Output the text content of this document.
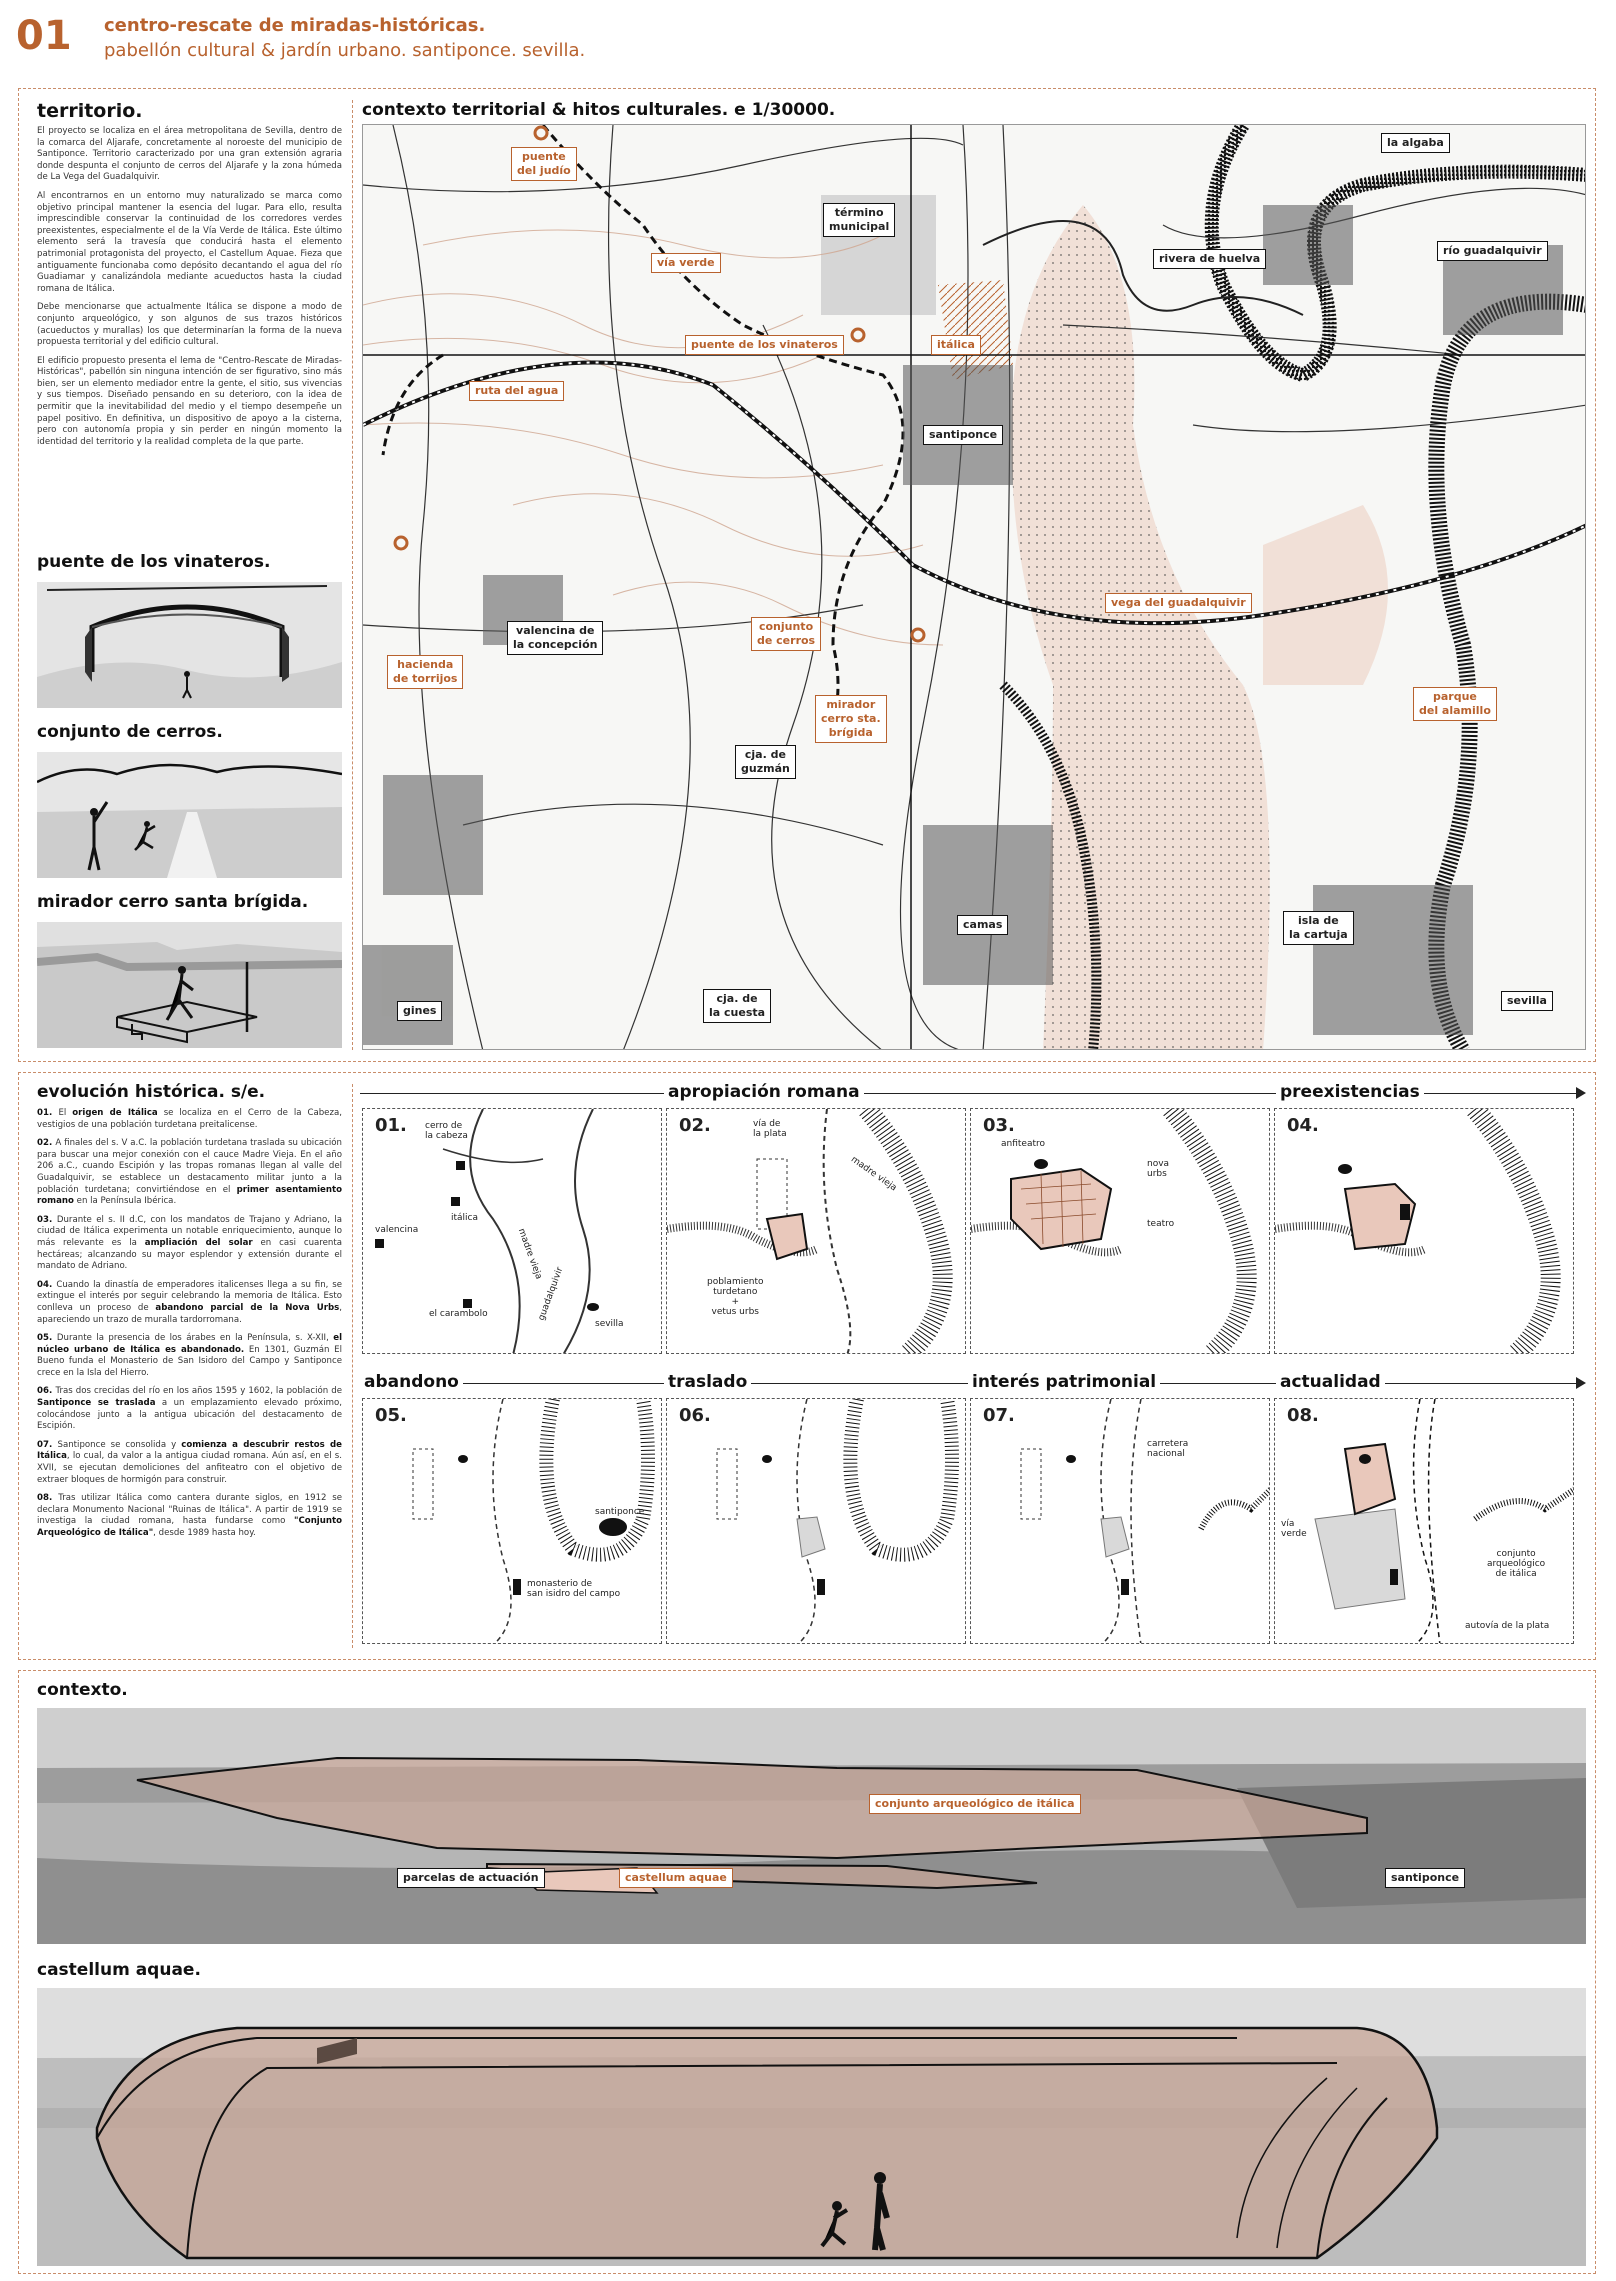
01 centro-rescate de miradas-históricas.
pabellón cultural & jardín urbano. santiponce. sevilla.
territorio.

El proyecto se localiza en el área metropolitana de Sevilla, dentro de la comarca del Aljarafe, concretamente al noroeste del municipio de Santiponce. Territorio caracterizado por una gran extensión agraria donde despunta el conjunto de cerros del Aljarafe y la zona húmeda de La Vega del Guadalquivir.

Al encontrarnos en un entorno muy naturalizado se marca como objetivo principal mantener la esencia del lugar. Para ello, resulta imprescindible conservar la continuidad de los corredores verdes preexistentes, especialmente el de la Vía Verde de Itálica. Este último elemento será la travesía que conducirá hasta el elemento patrimonial protagonista del proyecto, el Castellum Aquae. Fieza que antiguamente funcionaba como depósito decantando el agua del río Guadiamar y canalizándola mediante acueductos hasta la ciudad romana de Itálica.

Debe mencionarse que actualmente Itálica se dispone a modo de conjunto arqueológico, y son algunos de sus trazos históricos (acueductos y murallas) los que determinarían la forma de la nueva propuesta territorial y del edificio cultural.

El edificio propuesto presenta el lema de "Centro-Rescate de Miradas-Históricas", pabellón sin ninguna intención de ser figurativo, sino más bien, ser un elemento mediador entre la gente, el sitio, sus vivencias y sus tiempos. Diseñado pensando en su deterioro, con la idea de permitir que la inevitabilidad del medio y el tiempo desempeñe un papel positivo. En definitiva, un dispositivo de apoyo a la cisterna, pero con autonomía propia y sin perder en ningún momento la identidad del territorio y la realidad completa de la que parte.

puente de los vinateros.
conjunto de cerros.
mirador cerro santa brígida.
contexto territorial & hitos culturales. e 1/30000.
puente
del judío
término
municipal
la algaba
vía verde	rivera de huelva
río guadalquivir
puente de los vinateros	itálica
ruta del agua
santiponce
vega del guadalquivir
valencina de
la concepción
conjunto
de cerros
hacienda
de torrijos
mirador
cerro sta.
brígida
cja. de
guzmán
parque
del alamillo
camas	isla de
la cartuja
gines
cja. de
la cuesta
sevilla
evolución histórica. s/e.

01. El origen de Itálica se localiza en el Cerro de la Cabeza, vestigios de una población turdetana preitalicense.

02. A finales del s. V a.C. la población turdetana traslada su ubicación para buscar una mejor conexión con el cauce Madre Vieja. En el año 206 a.C., cuando Escipión y las tropas romanas llegan al valle del Guadalquivir, se establece un destacamento militar junto a la población turdetana; convirtiéndose en el primer asentamiento romano en la Península Ibérica.

03. Durante el s. II d.C, con los mandatos de Trajano y Adriano, la ciudad de Itálica experimenta un notable enriquecimiento, aunque lo más relevante es la ampliación del solar en casi cuarenta hectáreas; alcanzando su mayor esplendor y extensión durante el mandato de Adriano.

04. Cuando la dinastía de emperadores italicenses llega a su fin, se extingue el interés por seguir celebrando la memoria de Itálica. Esto conlleva un proceso de abandono parcial de la Nova Urbs, apareciendo un trazo de muralla tardorromana.

05. Durante la presencia de los árabes en la Península, s. X-XII, el núcleo urbano de Itálica es abandonado. En 1301, Guzmán El Bueno funda el Monasterio de San Isidoro del Campo y Santiponce crece en la Isla del Hierro.

06. Tras dos crecidas del río en los años 1595 y 1602, la población de Santiponce se traslada a un emplazamiento elevado próximo, colocándose junto a la antigua ubicación del destacamento de Escipión.

07. Santiponce se consolida y comienza a descubrir restos de Itálica, lo cual, da valor a la antigua ciudad romana. Aún así, en el s. XVII, se ejecutan demoliciones del anfiteatro con el objetivo de extraer bloques de hormigón para construir.

08. Tras utilizar Itálica como cantera durante siglos, en 1912 se declara Monumento Nacional "Ruinas de Itálica". A partir de 1919 se investiga la ciudad romana, hasta fundarse como "Conjunto Arqueológico de Itálica", desde 1989 hasta hoy.

apropiación romana	preexistencias
abandono	traslado	interés patrimonial	actualidad
01. cerro de
la cabeza
itálica
valencina	madre vieja
guadalquivir
el carambolo
sevilla
02.	vía de
la plata
madre vieja
poblamiento
turdetano
+
vetus urbs
03.
anfiteatro
nova
urbs
teatro
04.
05.
santiponce
monasterio de
san isidro del campo
06.	07.
carretera
nacional
08.
vía
verde
conjunto
arqueológico
de itálica
autovía de la plata
contexto.
conjunto arqueológico de itálica
parcelas de actuación	castellum aquae	santiponce
castellum aquae.
